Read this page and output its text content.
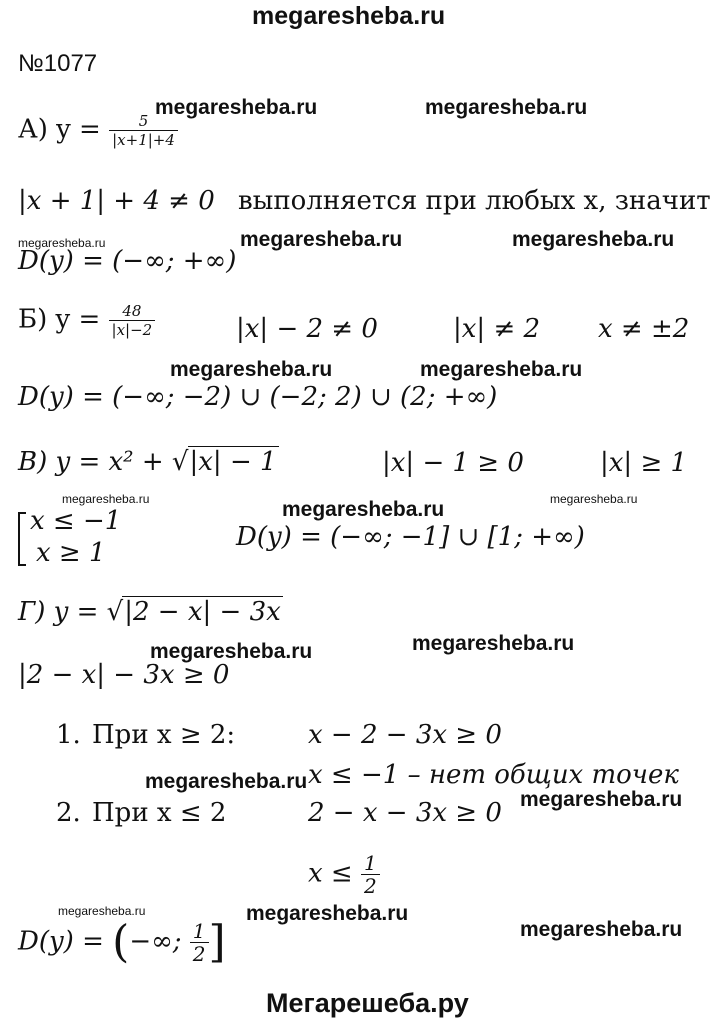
megaresheba.ru
№1077
А) $y = \frac{5}{|x+1|+4}$
megaresheba.ru	megaresheba.ru
|x + 1| + 4 ≠ 0 выполняется при любых x, значит
megaresheba.ru	megaresheba.ru	megaresheba.ru
D(y) = (−∞; +∞)
Б) $y = \frac{48}{|x|-2}$	|x| − 2 ≠ 0	|x| ≠ 2 x ≠ ±2
megaresheba.ru	megaresheba.ru
D(y) = (−∞; −2) ∪ (−2; 2) ∪ (2; +∞)
В) y = x² + √|x| − 1	|x| − 1 ≥ 0	|x| ≥ 1
megaresheba.ru	megaresheba.ru	megaresheba.ru
x ≤ −1
x ≥ 1
D(y) = (−∞; −1] ∪ [1; +∞)
Г) y = √|2 − x| − 3x
megaresheba.ru	megaresheba.ru
|2 − x| − 3x ≥ 0
1. При x ≥ 2:	x − 2 − 3x ≥ 0
megaresheba.ru x ≤ −1 – нет общих точек
megaresheba.ru
2. При x ≤ 2	2 − x − 3x ≥ 0
$x \le \frac{1}{2}$
megaresheba.ru	megaresheba.ru
megaresheba.ru
D(y) = (−∞; $\frac{1}{2}$ ]
Мегарешеба.ру
